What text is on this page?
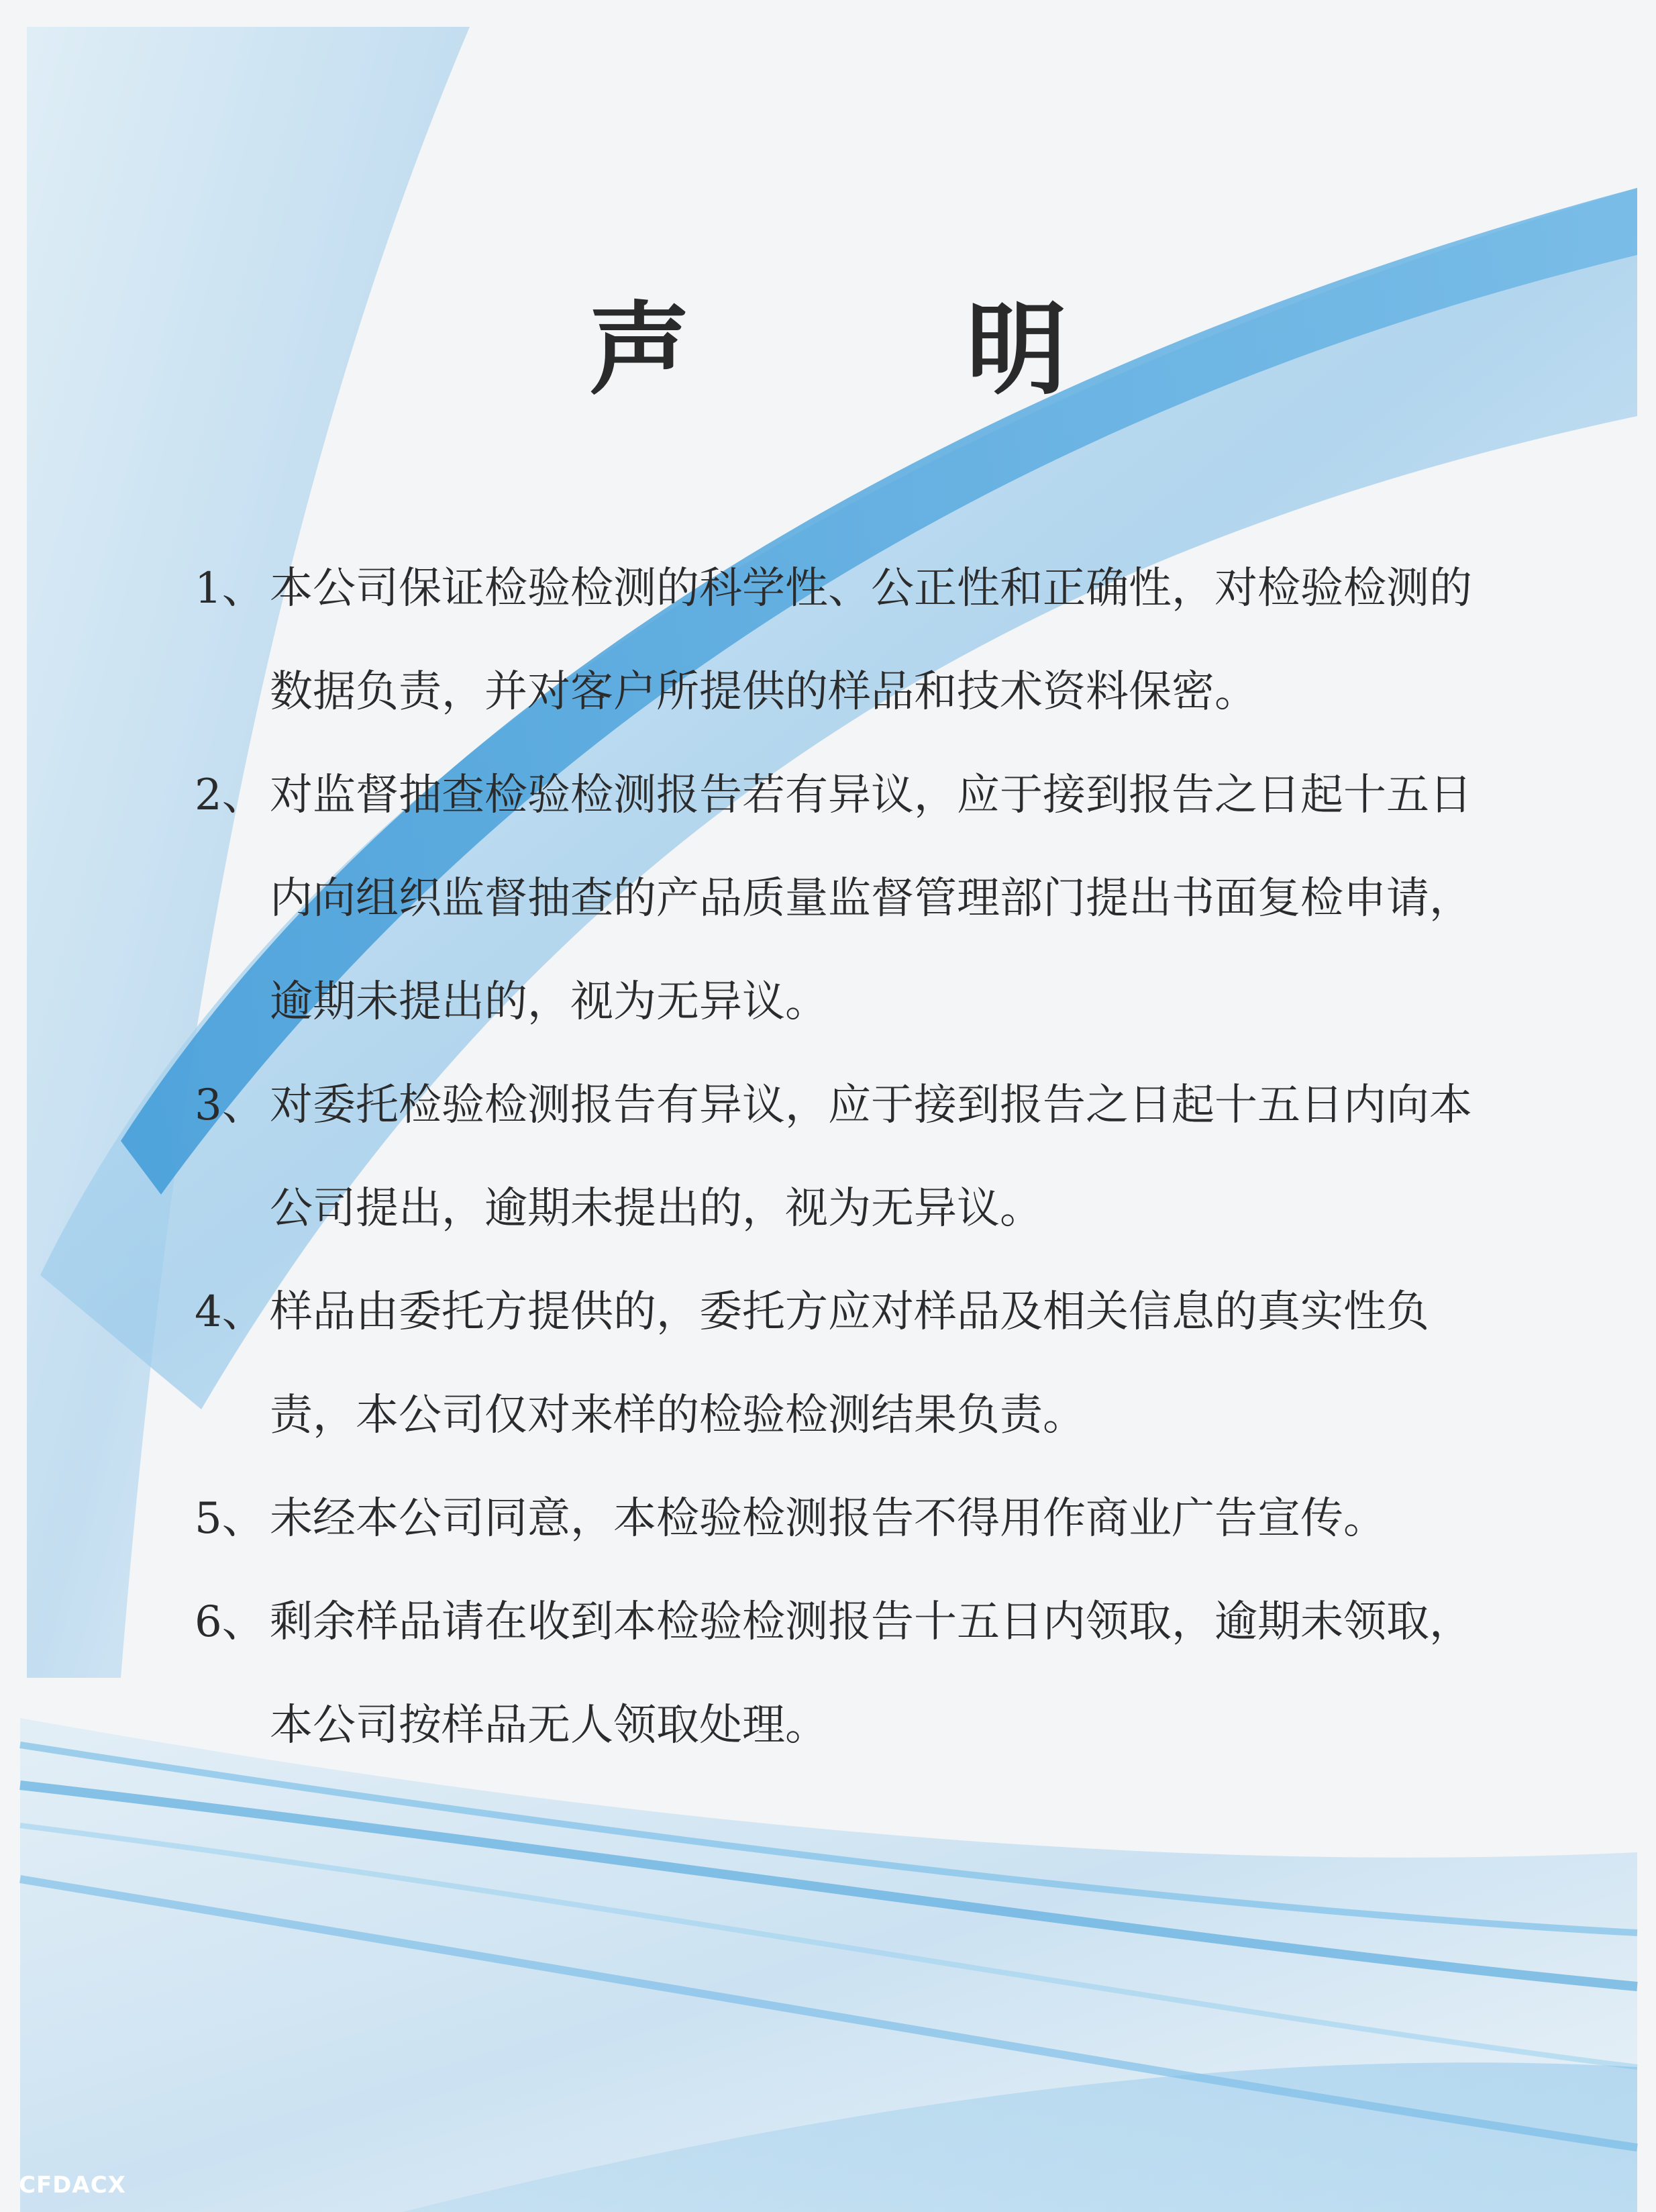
声 明
1、 本公司保证检验检测的科学性、公正性和正确性，对检验检测的数据负责，并对客户所提供的样品和技术资料保密。
2、 对监督抽查检验检测报告若有异议，应于接到报告之日起十五日内向组织监督抽查的产品质量监督管理部门提出书面复检申请，逾期未提出的，视为无异议。
3、 对委托检验检测报告有异议，应于接到报告之日起十五日内向本公司提出，逾期未提出的，视为无异议。
4、 样品由委托方提供的，委托方应对样品及相关信息的真实性负责，本公司仅对来样的检验检测结果负责。
5、 未经本公司同意，本检验检测报告不得用作商业广告宣传。
6、 剩余样品请在收到本检验检测报告十五日内领取，逾期未领取，本公司按样品无人领取处理。
CFDACX
